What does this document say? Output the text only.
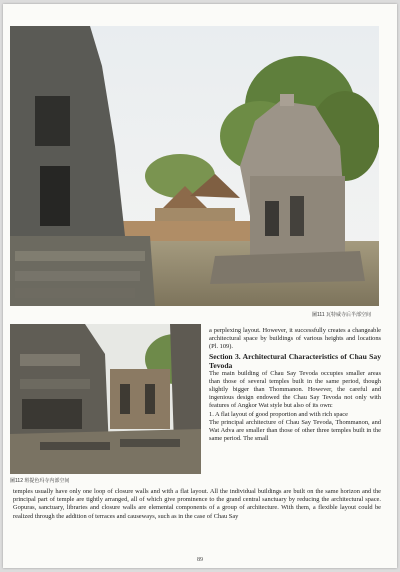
圖111 瓦特威寺后半部空间
圖112 班提色玛寺内部空间

a perplexing layout. However, it successfully creates a changeable architectural space by buildings of various heights and locations (Pl. 109).

Section 3. Architectural Characteristics of Chau Say Tevoda

The main building of Chau Say Tevoda occupies smaller areas than those of several temples built in the same period, though slightly bigger than Thommanon. However, the careful and ingenious design endowed the Chau Say Tevoda not only with features of Angkor Wat style but also of its own:

1. A flat layout of good proportion and with rich space

The principal architecture of Chau Say Tevoda, Thommanon, and Wat Adva are smaller than those of other three temples built in the same period. The small

temples usually have only one loop of closure walls and with a flat layout. All the individual buildings are built on the same horizon and the principal part of temple are tightly arranged, all of which give prominence to the grand central sanctuary by reducing the architectural space. Gopuras, sanctuary, libraries and closure walls are elemental components of a group of architecture. With them, a flexible layout could be realized through the addition of terraces and causeways, such as in the case of Chau Say

89
